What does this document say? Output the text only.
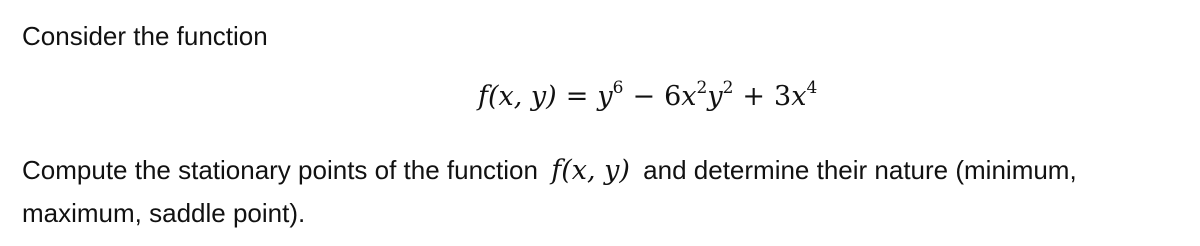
Consider the function
f(x, $y) = y^6 - 6x^2y^2 + 3x^4$
Compute the stationary points of the function f(x, y) and determine their nature (minimum,
maximum, saddle point).
